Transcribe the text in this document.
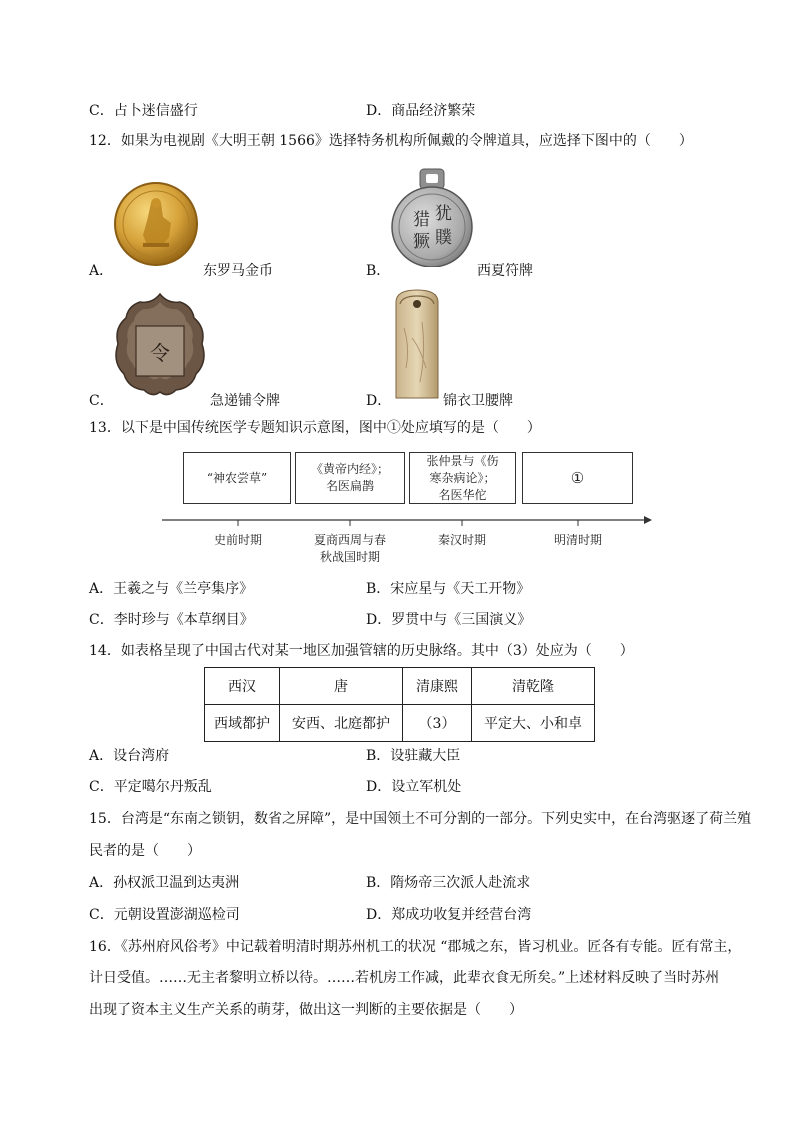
C．占卜迷信盛行	D．商品经济繁荣
12．如果为电视剧《大明王朝 1566》选择特务机构所佩戴的令牌道具，应选择下图中的（　　）
A．	东罗马金币
猎 犹
獗 贌
B．	西夏符牌
令
C．	急递铺令牌	D．	锦衣卫腰牌
13．以下是中国传统医学专题知识示意图，图中①处应填写的是（　　）
“神农尝草”
《黄帝内经》；
名医扁鹊
张仲景与《伤
寒杂病论》；
名医华佗
①
史前时期	夏商西周与春
秋战国时期
秦汉时期	明清时期
A．王羲之与《兰亭集序》	B．宋应星与《天工开物》
C．李时珍与《本草纲目》	D．罗贯中与《三国演义》
14．如表格呈现了中国古代对某一地区加强管辖的历史脉络。其中（3）处应为（　　）
西汉	唐	清康熙	清乾隆
西域都护	安西、北庭都护	（3）	平定大、小和卓
A．设台湾府	B．设驻藏大臣
C．平定噶尔丹叛乱	D．设立军机处
15．台湾是“东南之锁钥，数省之屏障”，是中国领土不可分割的一部分。下列史实中，在台湾驱逐了荷兰殖
民者的是（　　）
A．孙权派卫温到达夷洲	B．隋炀帝三次派人赴流求
C．元朝设置澎湖巡检司	D．郑成功收复并经营台湾
16．《苏州府风俗考》中记载着明清时期苏州机工的状况 “郡城之东，皆习机业。匠各有专能。匠有常主，
计日受值。……无主者黎明立桥以待。……若机房工作减，此辈衣食无所矣。”上述材料反映了当时苏州
出现了资本主义生产关系的萌芽，做出这一判断的主要依据是（　　）
